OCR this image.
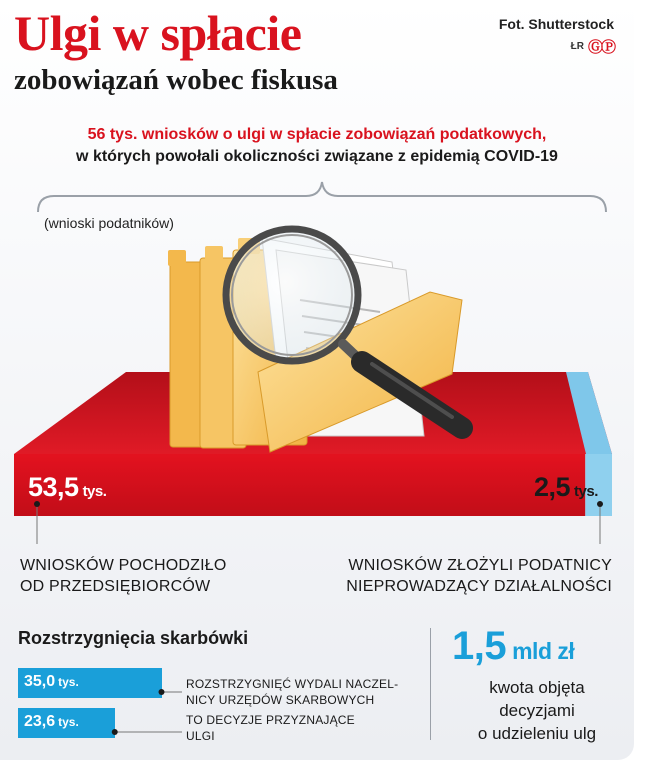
Ulgi w spłacie
zobowiązań wobec fiskusa
Fot. Shutterstock
ŁR ⒼⓅ
56 tys. wniosków o ulgi w spłacie zobowiązań podatkowych,
w których powołali okoliczności związane z epidemią COVID-19
(wnioski podatników)
53,5 tys.	2,5 tys.
WNIOSKÓW POCHODZIŁO
OD PRZEDSIĘBIORCÓW
WNIOSKÓW ZŁOŻYLI PODATNICY
NIEPROWADZĄCY DZIAŁALNOŚCI
Rozstrzygnięcia skarbówki
35,0 tys.
23,6 tys.
ROZSTRZYGNIĘĆ WYDALI NACZEL-
NICY URZĘDÓW SKARBOWYCH
TO DECYZJE PRZYZNAJĄCE
ULGI
1,5 mld zł
kwota objęta
decyzjami
o udzieleniu ulg
